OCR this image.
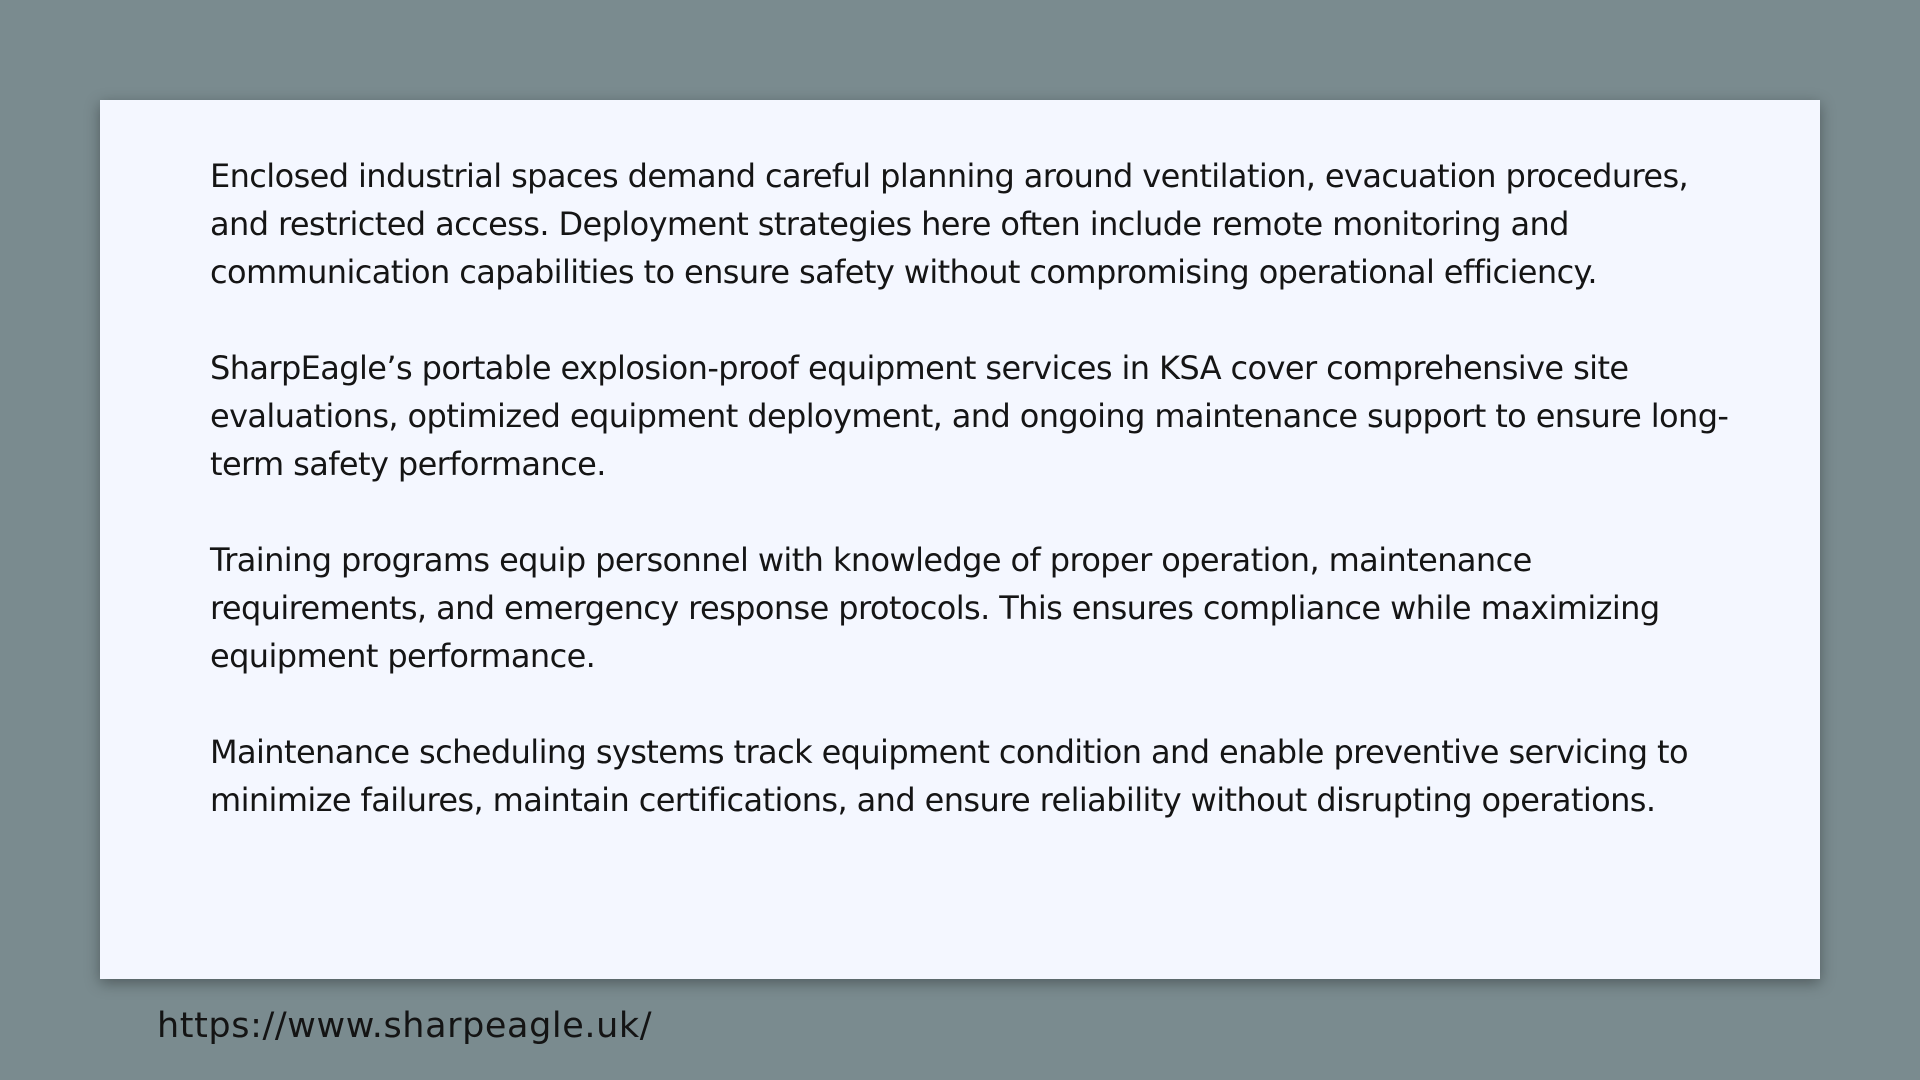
Enclosed industrial spaces demand careful planning around ventilation, evacuation procedures, and restricted access. Deployment strategies here often include remote monitoring and communication capabilities to ensure safety without compromising operational efficiency.

SharpEagle’s portable explosion-proof equipment services in KSA cover comprehensive site evaluations, optimized equipment deployment, and ongoing maintenance support to ensure long-term safety performance.

Training programs equip personnel with knowledge of proper operation, maintenance requirements, and emergency response protocols. This ensures compliance while maximizing equipment performance.

Maintenance scheduling systems track equipment condition and enable preventive servicing to minimize failures, maintain certifications, and ensure reliability without disrupting operations.

https://www.sharpeagle.uk/
